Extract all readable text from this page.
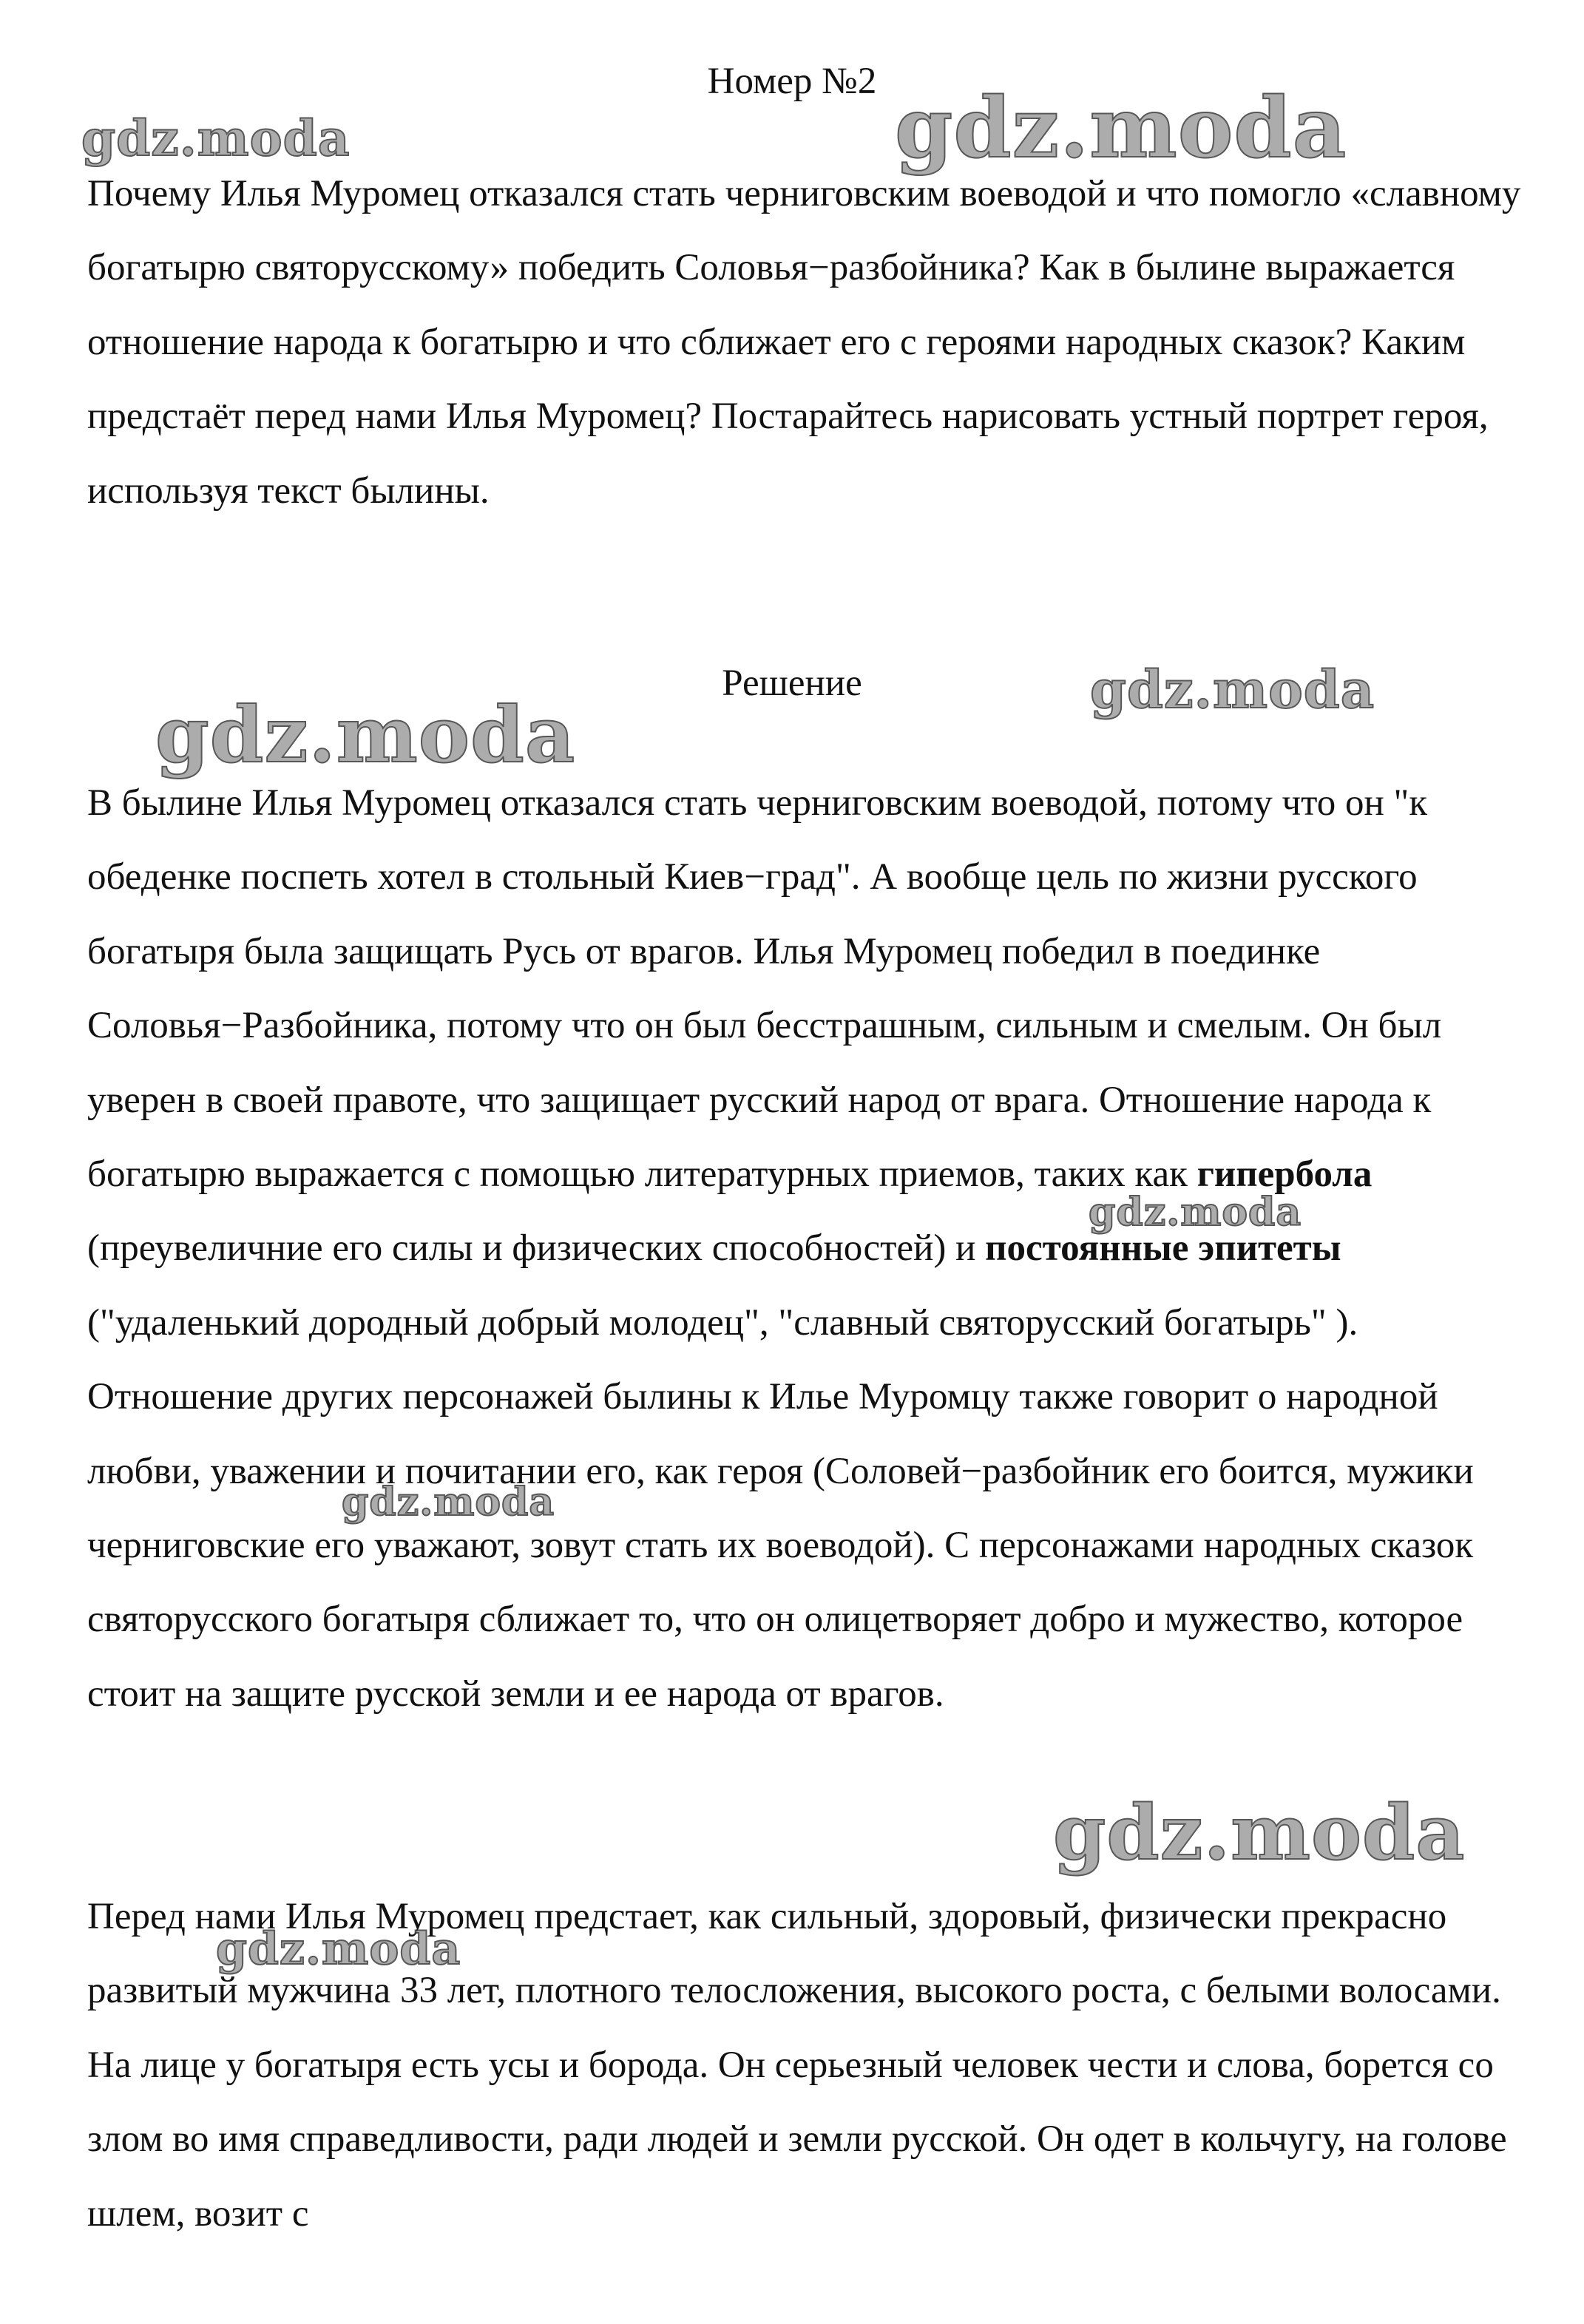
Номер №2
Почему Илья Муромец отказался стать черниговским воеводой и что помогло «славному богатырю святорусскому» победить Соловья−разбойника? Как в былине выражается отношение народа к богатырю и что сближает его с героями народных сказок? Каким предстаёт перед нами Илья Муромец? Постарайтесь нарисовать устный портрет героя, используя текст былины.
Решение
В былине Илья Муромец отказался стать черниговским воеводой, потому что он "к обеденке поспеть хотел в стольный Киев−град". А вообще цель по жизни русского богатыря была защищать Русь от врагов. Илья Муромец победил в поединке Соловья−Разбойника, потому что он был бесстрашным, сильным и смелым. Он был уверен в своей правоте, что защищает русский народ от врага. Отношение народа к богатырю выражается с помощью литературных приемов, таких как гипербола (преувеличние его силы и физических способностей) и постоянные эпитеты ("удаленький дородный добрый молодец", "славный святорусский богатырь" ). Отношение других персонажей былины к Илье Муромцу также говорит о народной любви, уважении и почитании его, как героя (Соловей−разбойник его боится, мужики черниговские его уважают, зовут стать их воеводой). С персонажами народных сказок святорусского богатыря сближает то, что он олицетворяет добро и мужество, которое стоит на защите русской земли и ее народа от врагов.
Перед нами Илья Муромец предстает, как сильный, здоровый, физически прекрасно развитый мужчина 33 лет, плотного телосложения, высокого роста, с белыми волосами. На лице у богатыря есть усы и борода. Он серьезный человек чести и слова, борется со злом во имя справедливости, ради людей и земли русской. Он одет в кольчугу, на голове шлем, возит с
gdz.moda	gdz.moda
gdz.moda	gdz.moda
gdz.moda
gdz.moda
gdz.moda
gdz.moda
